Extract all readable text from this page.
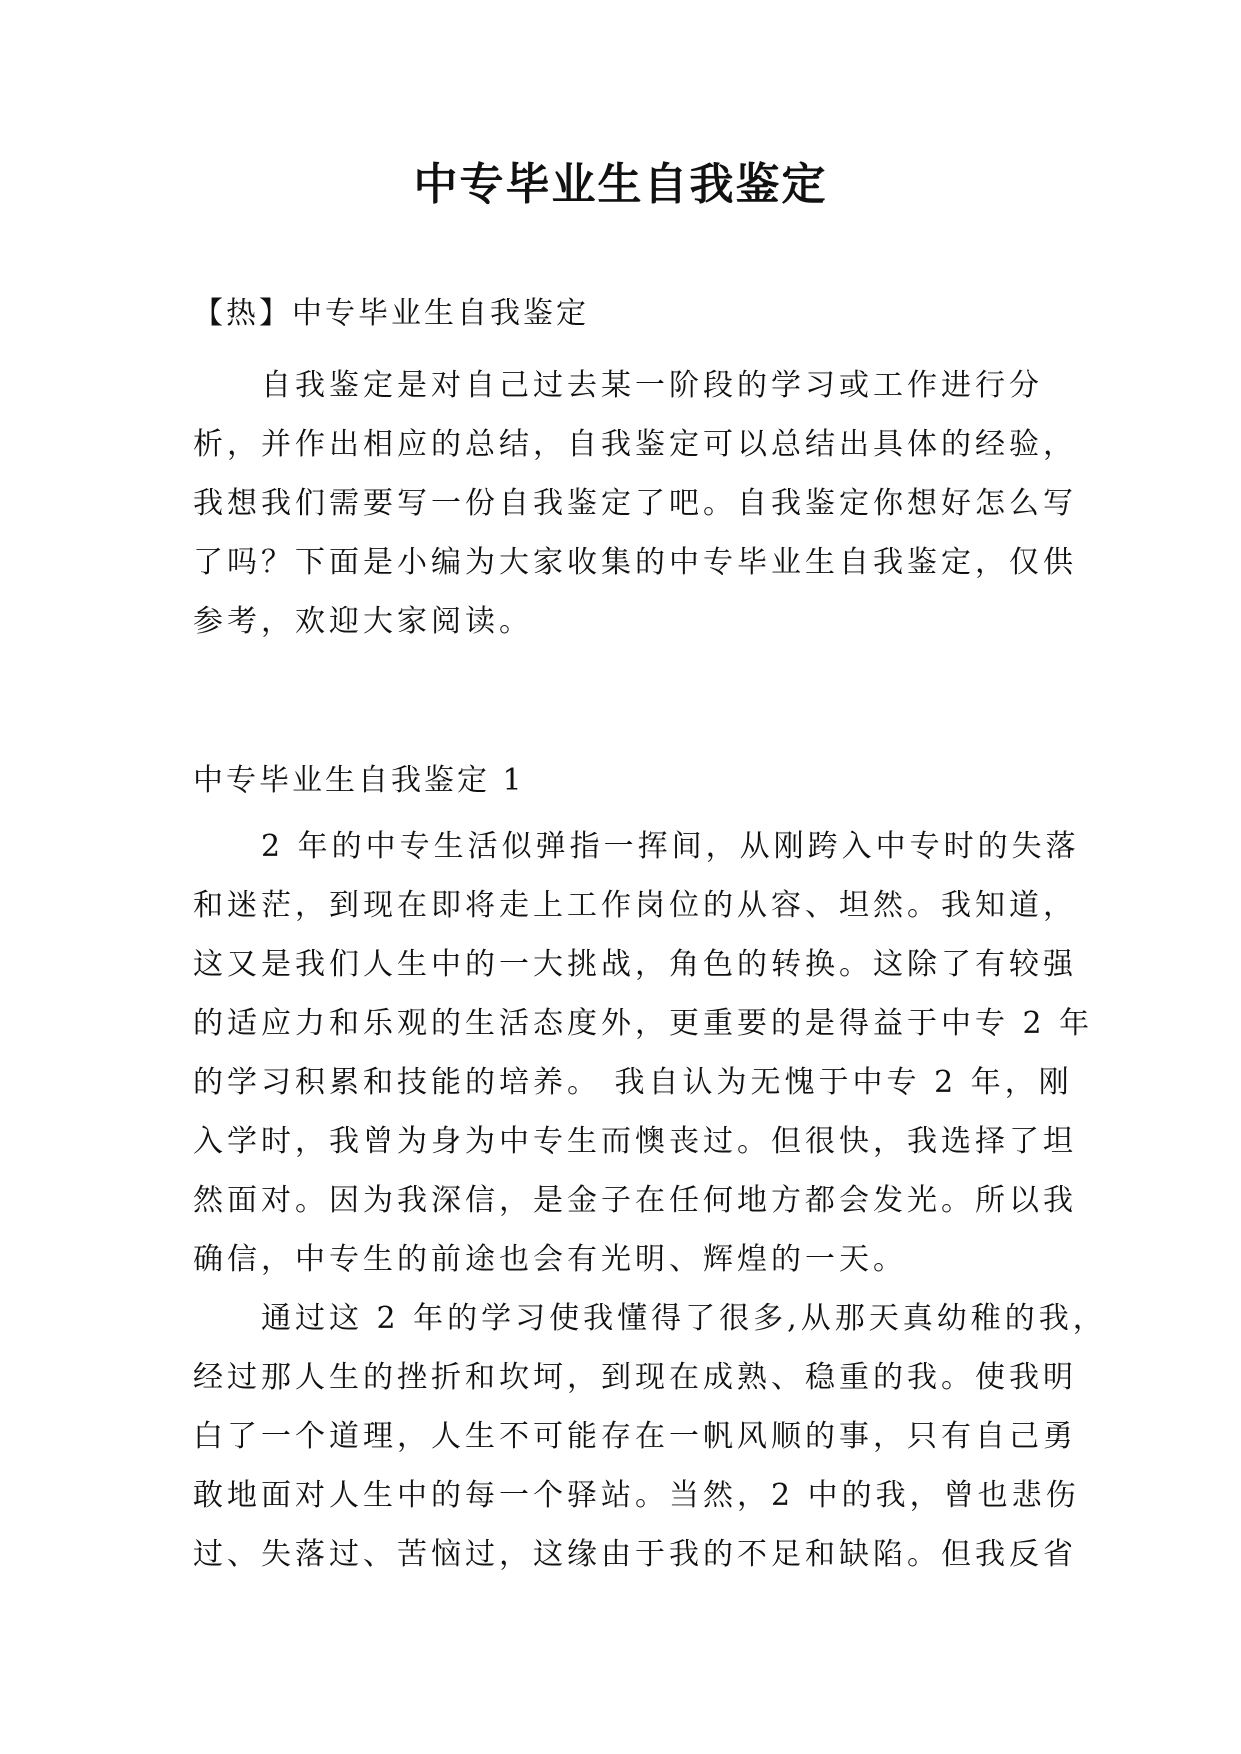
中专毕业生自我鉴定

【热】中专毕业生自我鉴定

　　自我鉴定是对自己过去某一阶段的学习或工作进行分
析，并作出相应的总结，自我鉴定可以总结出具体的经验，
我想我们需要写一份自我鉴定了吧。自我鉴定你想好怎么写
了吗？下面是小编为大家收集的中专毕业生自我鉴定，仅供
参考，欢迎大家阅读。

中专毕业生自我鉴定 1

　　2 年的中专生活似弹指一挥间，从刚跨入中专时的失落
和迷茫，到现在即将走上工作岗位的从容、坦然。我知道，
这又是我们人生中的一大挑战，角色的转换。这除了有较强
的适应力和乐观的生活态度外，更重要的是得益于中专 2 年
的学习积累和技能的培养。 我自认为无愧于中专 2 年，刚
入学时，我曾为身为中专生而懊丧过。但很快，我选择了坦
然面对。因为我深信，是金子在任何地方都会发光。所以我
确信，中专生的前途也会有光明、辉煌的一天。
　　通过这 2 年的学习使我懂得了很多,从那天真幼稚的我，
经过那人生的挫折和坎坷，到现在成熟、稳重的我。使我明
白了一个道理，人生不可能存在一帆风顺的事，只有自己勇
敢地面对人生中的每一个驿站。当然，2 中的我，曾也悲伤
过、失落过、苦恼过，这缘由于我的不足和缺陷。但我反省
